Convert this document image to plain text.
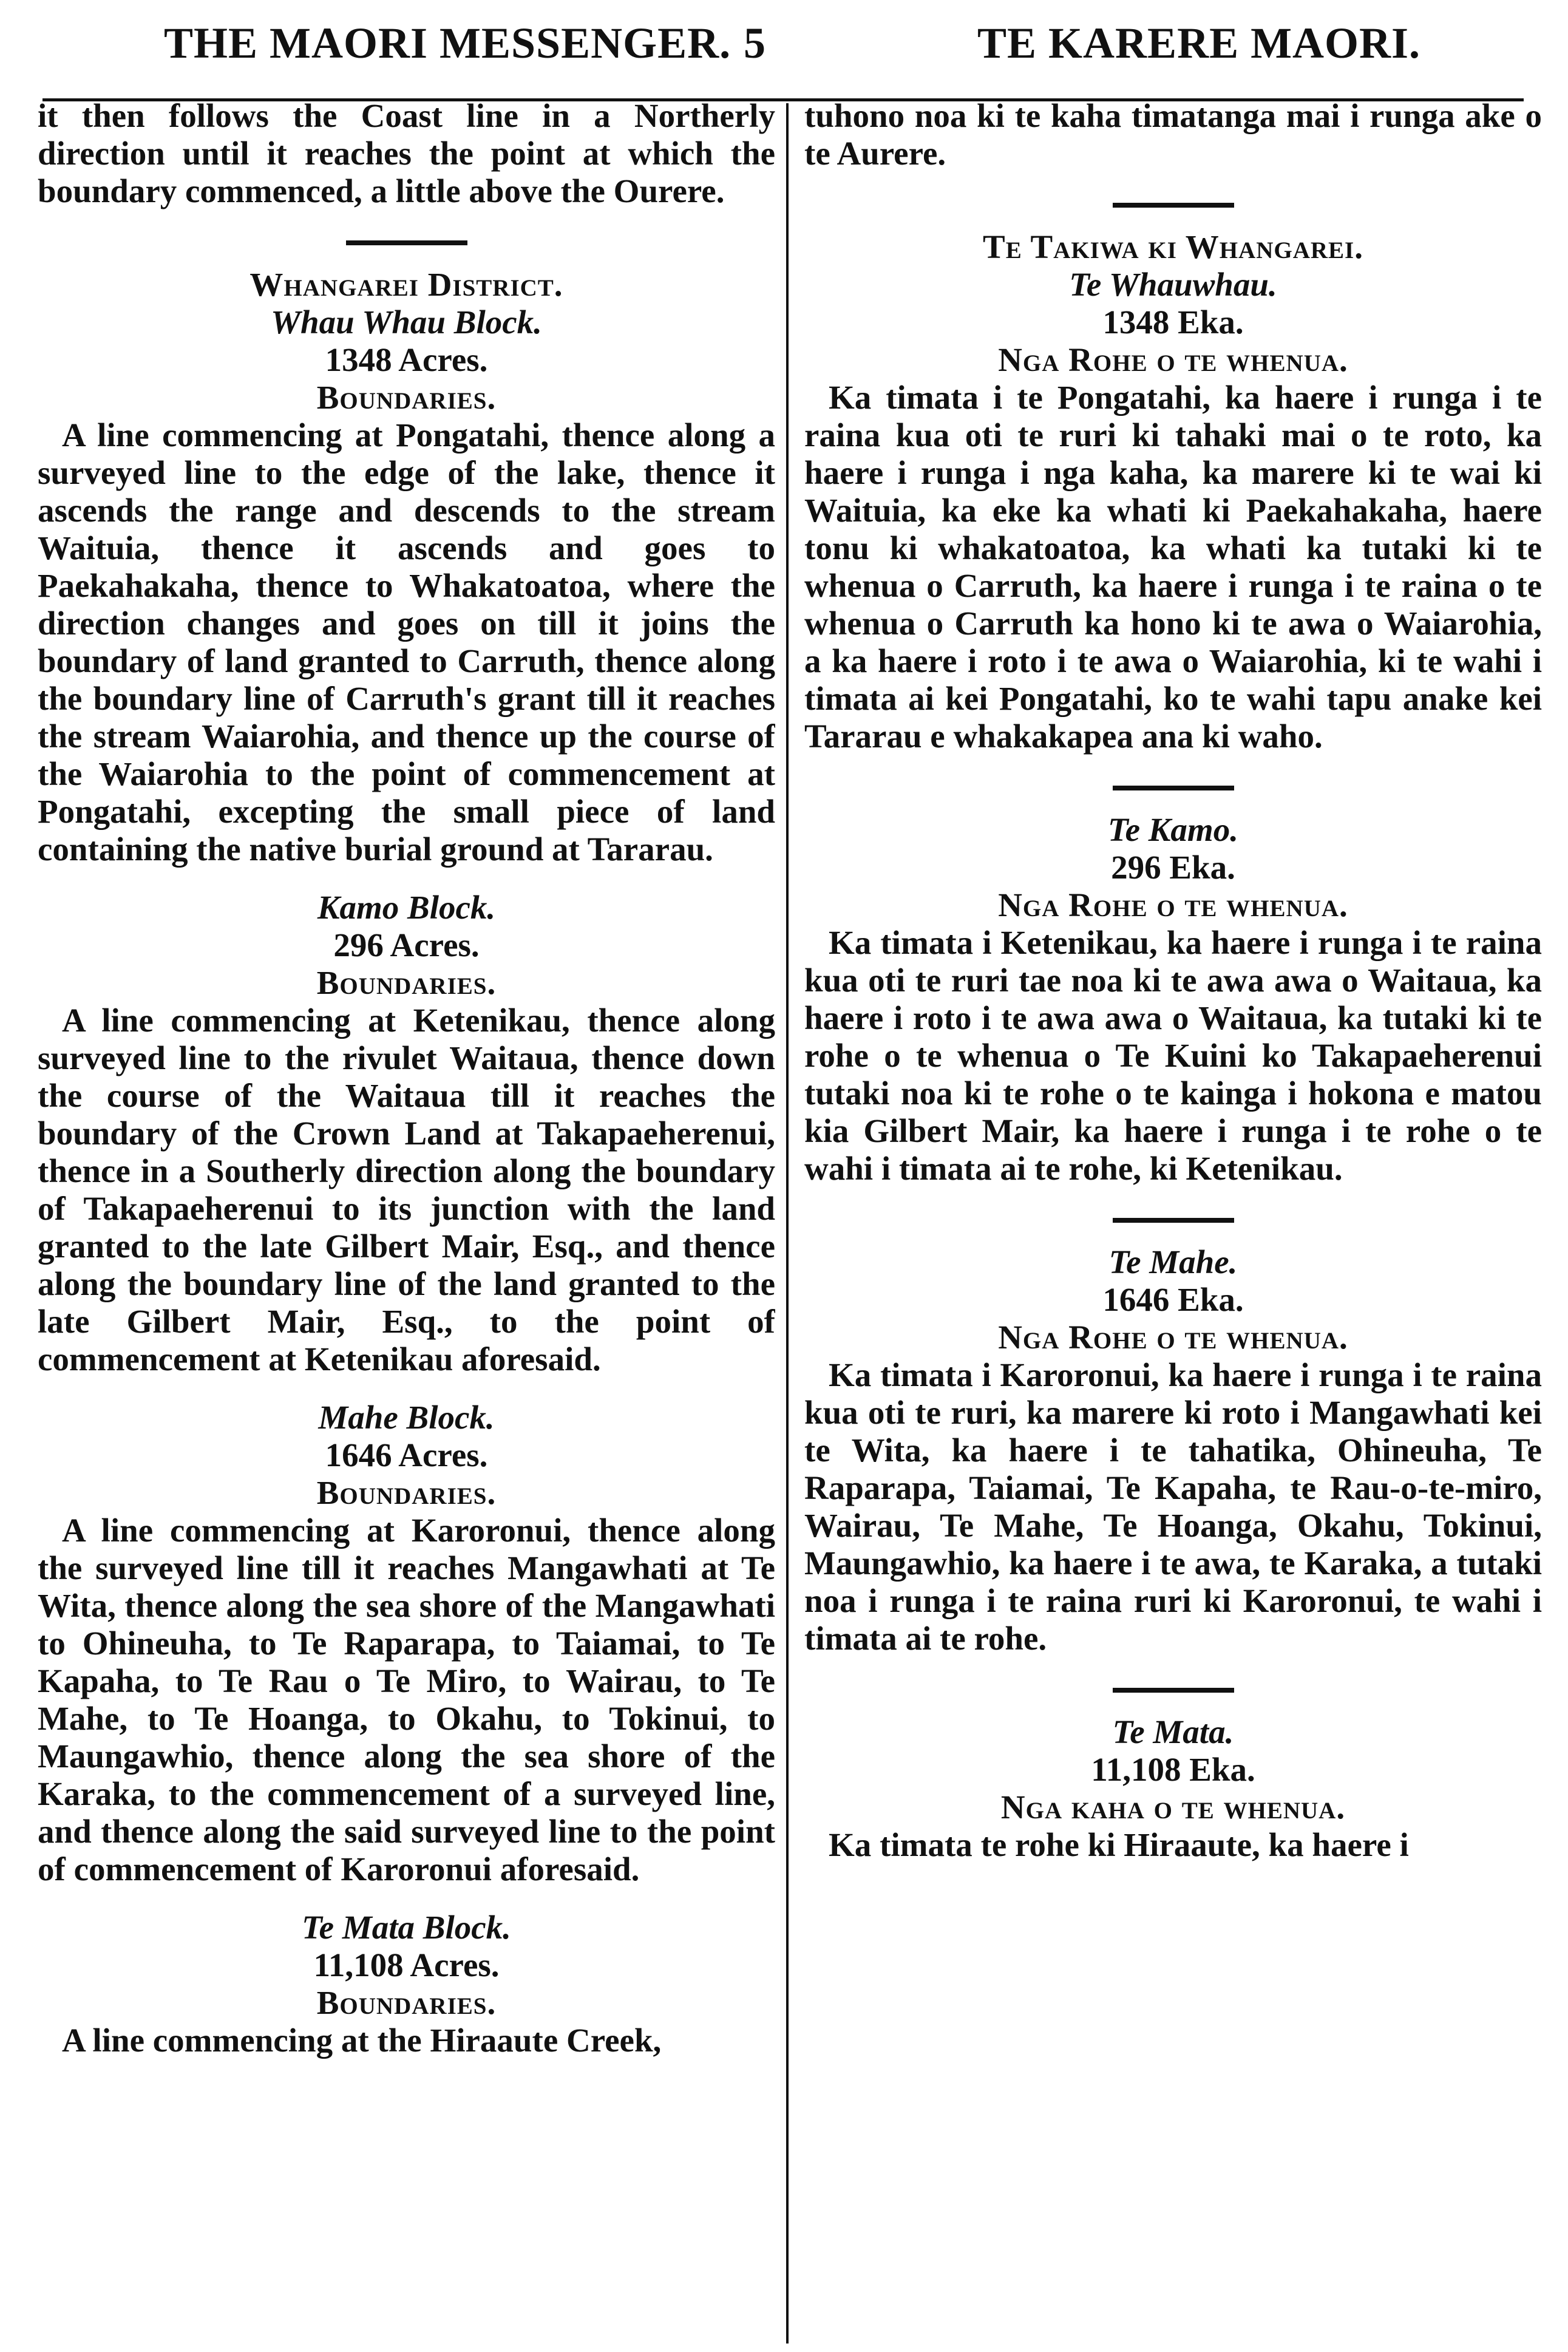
THE MAORI MESSENGER. 5	TE KARERE MAORI.

it then follows the Coast line in a Northerly direction until it reaches the point at which the boundary commenced, a little above the Ourere.

Whangarei District.

Whau Whau Block.

1348 Acres.

Boundaries.

A line commencing at Pongatahi, thence along a surveyed line to the edge of the lake, thence it ascends the range and descends to the stream Waituia, thence it ascends and goes to Paekahakaha, thence to Whakatoatoa, where the direction changes and goes on till it joins the boundary of land granted to Carruth, thence along the boundary line of Carruth's grant till it reaches the stream Waiarohia, and thence up the course of the Waiarohia to the point of commencement at Pongatahi, excepting the small piece of land containing the native burial ground at Tararau.

Kamo Block.

296 Acres.

Boundaries.

A line commencing at Ketenikau, thence along surveyed line to the rivulet Waitaua, thence down the course of the Waitaua till it reaches the boundary of the Crown Land at Takapaeherenui, thence in a Southerly direction along the boundary of Takapaeherenui to its junction with the land granted to the late Gilbert Mair, Esq., and thence along the boundary line of the land granted to the late Gilbert Mair, Esq., to the point of commencement at Ketenikau aforesaid.

Mahe Block.

1646 Acres.

Boundaries.

A line commencing at Karoronui, thence along the surveyed line till it reaches Mangawhati at Te Wita, thence along the sea shore of the Mangawhati to Ohineuha, to Te Raparapa, to Taiamai, to Te Kapaha, to Te Rau o Te Miro, to Wairau, to Te Mahe, to Te Hoanga, to Okahu, to Tokinui, to Maungawhio, thence along the sea shore of the Karaka, to the commencement of a surveyed line, and thence along the said surveyed line to the point of commencement of Karoronui aforesaid.

Te Mata Block.

11,108 Acres.

Boundaries.

A line commencing at the Hiraaute Creek,

tuhono noa ki te kaha timatanga mai i runga ake o te Aurere.

Te Takiwa ki Whangarei.

Te Whauwhau.

1348 Eka.

Nga Rohe o te whenua.

Ka timata i te Pongatahi, ka haere i runga i te raina kua oti te ruri ki tahaki mai o te roto, ka haere i runga i nga kaha, ka marere ki te wai ki Waituia, ka eke ka whati ki Paekahakaha, haere tonu ki whakatoatoa, ka whati ka tutaki ki te whenua o Carruth, ka haere i runga i te raina o te whenua o Carruth ka hono ki te awa o Waiarohia, a ka haere i roto i te awa o Waiarohia, ki te wahi i timata ai kei Pongatahi, ko te wahi tapu anake kei Tararau e whakakapea ana ki waho.

Te Kamo.

296 Eka.

Nga Rohe o te whenua.

Ka timata i Ketenikau, ka haere i runga i te raina kua oti te ruri tae noa ki te awa awa o Waitaua, ka haere i roto i te awa awa o Waitaua, ka tutaki ki te rohe o te whenua o Te Kuini ko Takapaeherenui tutaki noa ki te rohe o te kainga i hokona e matou kia Gilbert Mair, ka haere i runga i te rohe o te wahi i timata ai te rohe, ki Ketenikau.

Te Mahe.

1646 Eka.

Nga Rohe o te whenua.

Ka timata i Karoronui, ka haere i runga i te raina kua oti te ruri, ka marere ki roto i Mangawhati kei te Wita, ka haere i te tahatika, Ohineuha, Te Raparapa, Taiamai, Te Kapaha, te Rau-o-te-miro, Wairau, Te Mahe, Te Hoanga, Okahu, Tokinui, Maungawhio, ka haere i te awa, te Karaka, a tutaki noa i runga i te raina ruri ki Karoronui, te wahi i timata ai te rohe.

Te Mata.

11,108 Eka.

Nga kaha o te whenua.

Ka timata te rohe ki Hiraaute, ka haere i
